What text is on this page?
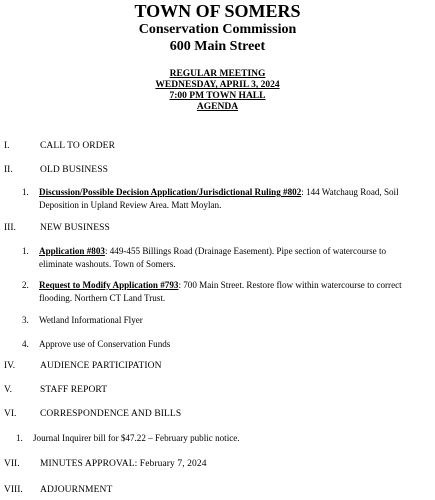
TOWN OF SOMERS
Conservation Commission
600 Main Street
REGULAR MEETING
WEDNESDAY, APRIL 3, 2024
7:00 PM TOWN HALL
AGENDA
I.	CALL TO ORDER
II.	OLD BUSINESS
1. Discussion/Possible Decision Application/Jurisdictional Ruling #802: 144 Watchaug Road, Soil Deposition in Upland Review Area. Matt Moylan.
III.	NEW BUSINESS
1. Application #803: 449-455 Billings Road (Drainage Easement). Pipe section of watercourse to eliminate washouts. Town of Somers.
2. Request to Modify Application #793: 700 Main Street. Restore flow within watercourse to correct flooding. Northern CT Land Trust.
3. Wetland Informational Flyer
4. Approve use of Conservation Funds
IV.	AUDIENCE PARTICIPATION
V.	STAFF REPORT
VI. CORRESPONDENCE AND BILLS
1. Journal Inquirer bill for $47.22 – February public notice.
VII. MINUTES APPROVAL: February 7, 2024
VIII. ADJOURNMENT
